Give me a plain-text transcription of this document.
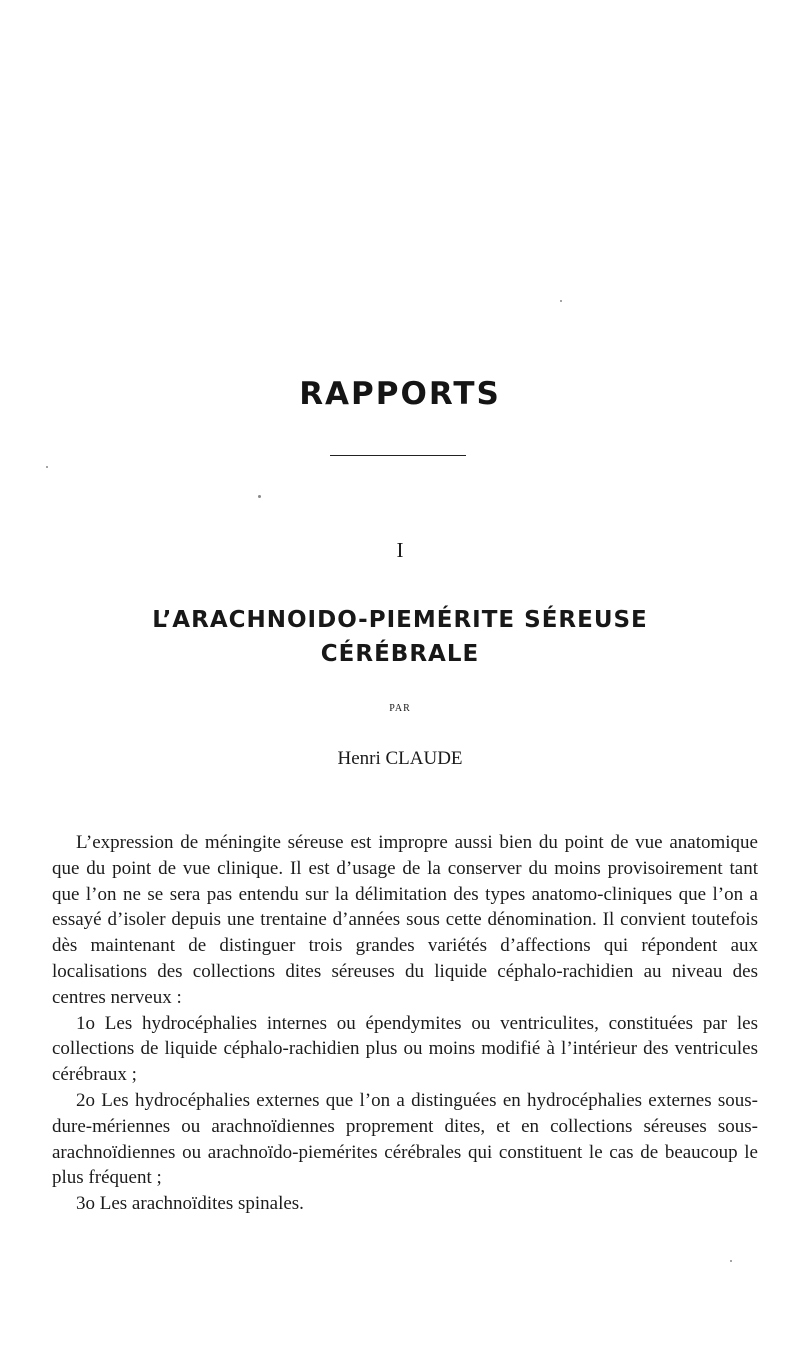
RAPPORTS
I
L’ARACHNOIDO-PIEMÉRITE SÉREUSE
CÉRÉBRALE
PAR
Henri CLAUDE

L’expression de méningite séreuse est impropre aussi bien du point de vue anatomique que du point de vue clinique. Il est d’usage de la conserver du moins provisoirement tant que l’on ne se sera pas entendu sur la délimitation des types anatomo-cliniques que l’on a essayé d’isoler depuis une trentaine d’années sous cette dénomination. Il convient toutefois dès maintenant de distinguer trois grandes variétés d’affections qui répondent aux localisations des collections dites séreuses du liquide céphalo-rachidien au niveau des centres nerveux :

1o Les hydrocéphalies internes ou épendymites ou ventriculites, constituées par les collections de liquide céphalo-rachidien plus ou moins modifié à l’intérieur des ventricules cérébraux ;

2o Les hydrocéphalies externes que l’on a distinguées en hydrocéphalies externes sous-dure-mériennes ou arachnoïdiennes proprement dites, et en collections séreuses sous-arachnoïdiennes ou arachnoïdo-piemérites cérébrales qui constituent le cas de beaucoup le plus fréquent ;

3o Les arachnoïdites spinales.
